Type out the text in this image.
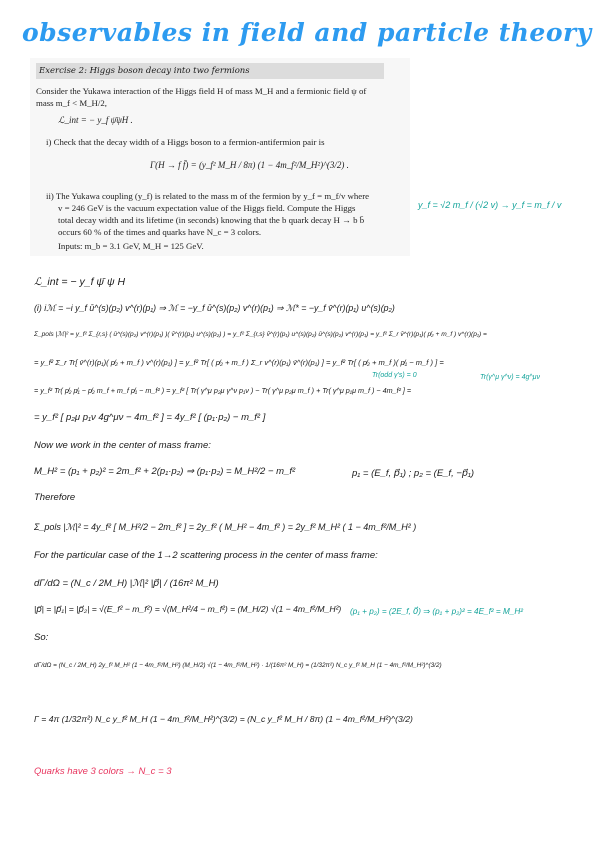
observables in field and particle theory
Exercise 2: Higgs boson decay into two fermions
Consider the Yukawa interaction of the Higgs field H of mass M_H and a fermionic field ψ of
mass m_f < M_H/2,
ℒ_int = − y_f ψ̄ψH .
i) Check that the decay width of a Higgs boson to a fermion-antifermion pair is
Γ(H → f f̄) = (y_f² M_H / 8π) (1 − 4m_f²/M_H²)^(3/2) .
ii) The Yukawa coupling (y_f) is related to the mass m of the fermion by y_f = m_f/v where
v = 246 GeV is the vacuum expectation value of the Higgs field. Compute the Higgs
total decay width and its lifetime (in seconds) knowing that the b quark decay H → b b̄
occurs 60 % of the times and quarks have N_c = 3 colors.
Inputs: m_b = 3.1 GeV, M_H = 125 GeV.
y_f = √2 m_f / (√2 v) → y_f = m_f / v
ℒ_int = − y_f ψ̄ ψ H
(i) iℳ = −i y_f ū^(s)(p₂) v^(r)(p₁) ⇒ ℳ = −y_f ū^(s)(p₂) v^(r)(p₁) ⇒ ℳ* = −y_f v̄^(r)(p₁) u^(s)(p₂)
Σ_pols |ℳ|² = y_f² Σ_{r,s} ( ū^(s)(p₂) v^(r)(p₁) )( v̄^(r)(p₁) u^(s)(p₂) ) = y_f² Σ_{r,s} v̄^(r)(p₁) u^(s)(p₂) ū^(s)(p₂) v^(r)(p₁) = y_f² Σ_r v̄^(r)(p₁)( p̸₂ + m_f ) v^(r)(p₁) =
= y_f² Σ_r Tr[ v̄^(r)(p₁)( p̸₂ + m_f ) v^(r)(p₁) ] = y_f² Tr[ ( p̸₂ + m_f ) Σ_r v^(r)(p₁) v̄^(r)(p₁) ] = y_f² Tr[ ( p̸₂ + m_f )( p̸₁ − m_f ) ] =
Tr(odd γ's) = 0	Tr(γ^μ γ^ν) = 4g^μν
= y_f² Tr( p̸₂ p̸₁ − p̸₂ m_f + m_f p̸₁ − m_f² ) = y_f² [ Tr( γ^μ p₂μ γ^ν p₁ν ) − Tr( γ^μ p₂μ m_f ) + Tr( γ^μ p₁μ m_f ) − 4m_f² ] =
= y_f² [ p₂μ p₁ν 4g^μν − 4m_f² ] = 4y_f² [ (p₁·p₂) − m_f² ]
Now we work in the center of mass frame:
M_H² = (p₁ + p₂)² = 2m_f² + 2(p₁·p₂) ⇒ (p₁·p₂) = M_H²/2 − m_f²	p₁ = (E_f, p⃗₁) ; p₂ = (E_f, −p⃗₁)
Therefore
Σ_pols |ℳ|² = 4y_f² [ M_H²/2 − 2m_f² ] = 2y_f² ( M_H² − 4m_f² ) = 2y_f² M_H² ( 1 − 4m_f²/M_H² )
For the particular case of the 1→2 scattering process in the center of mass frame:
dΓ/dΩ = (N_c / 2M_H) |ℳ|² |p⃗| / (16π² M_H)
|p⃗| = |p⃗₁| = |p⃗₂| = √(E_f² − m_f²) = √(M_H²/4 − m_f²) = (M_H/2) √(1 − 4m_f²/M_H²) (p₁ + p₂) = (2E_f, 0⃗) ⇒ (p₁ + p₂)² = 4E_f² = M_H²
So:
dΓ/dΩ = (N_c / 2M_H) 2y_f² M_H² (1 − 4m_f²/M_H²) (M_H/2) √(1 − 4m_f²/M_H²) · 1/(16π² M_H) = (1/32π²) N_c y_f² M_H (1 − 4m_f²/M_H²)^(3/2)
Γ = 4π (1/32π²) N_c y_f² M_H (1 − 4m_f²/M_H²)^(3/2) = (N_c y_f² M_H / 8π) (1 − 4m_f²/M_H²)^(3/2)
Quarks have 3 colors → N_c = 3
